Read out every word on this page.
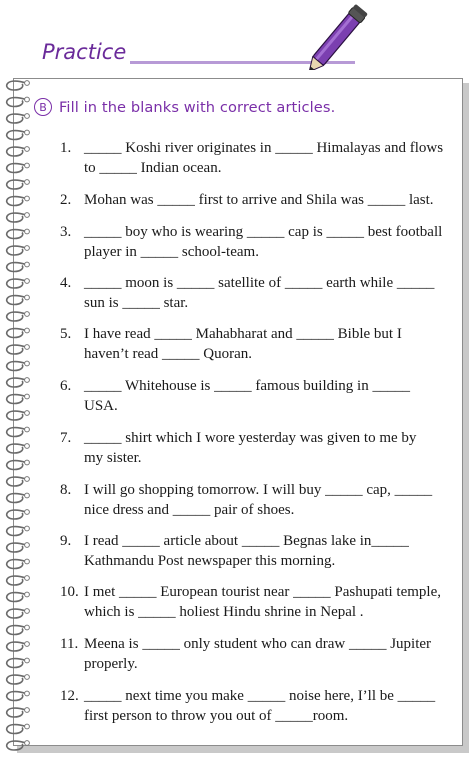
Practice
B Fill in the blanks with correct articles.
1. _____ Koshi river originates in _____ Himalayas and flows
to _____ Indian ocean.
2. Mohan was _____ first to arrive and Shila was _____ last.
3. _____ boy who is wearing _____ cap is _____ best football
player in _____ school-team.
4. _____ moon is _____ satellite of _____ earth while _____
sun is _____ star.
5. I have read _____ Mahabharat and _____ Bible but I
haven’t read _____ Quoran.
6. _____ Whitehouse is _____ famous building in _____
USA.
7. _____ shirt which I wore yesterday was given to me by
my sister.
8. I will go shopping tomorrow. I will buy _____ cap, _____
nice dress and _____ pair of shoes.
9. I read _____ article about _____ Begnas lake in_____
Kathmandu Post newspaper this morning.
10. I met _____ European tourist near _____ Pashupati temple,
which is _____ holiest Hindu shrine in Nepal .
11. Meena is _____ only student who can draw _____ Jupiter
properly.
12. _____ next time you make _____ noise here, I’ll be _____
first person to throw you out of _____room.
